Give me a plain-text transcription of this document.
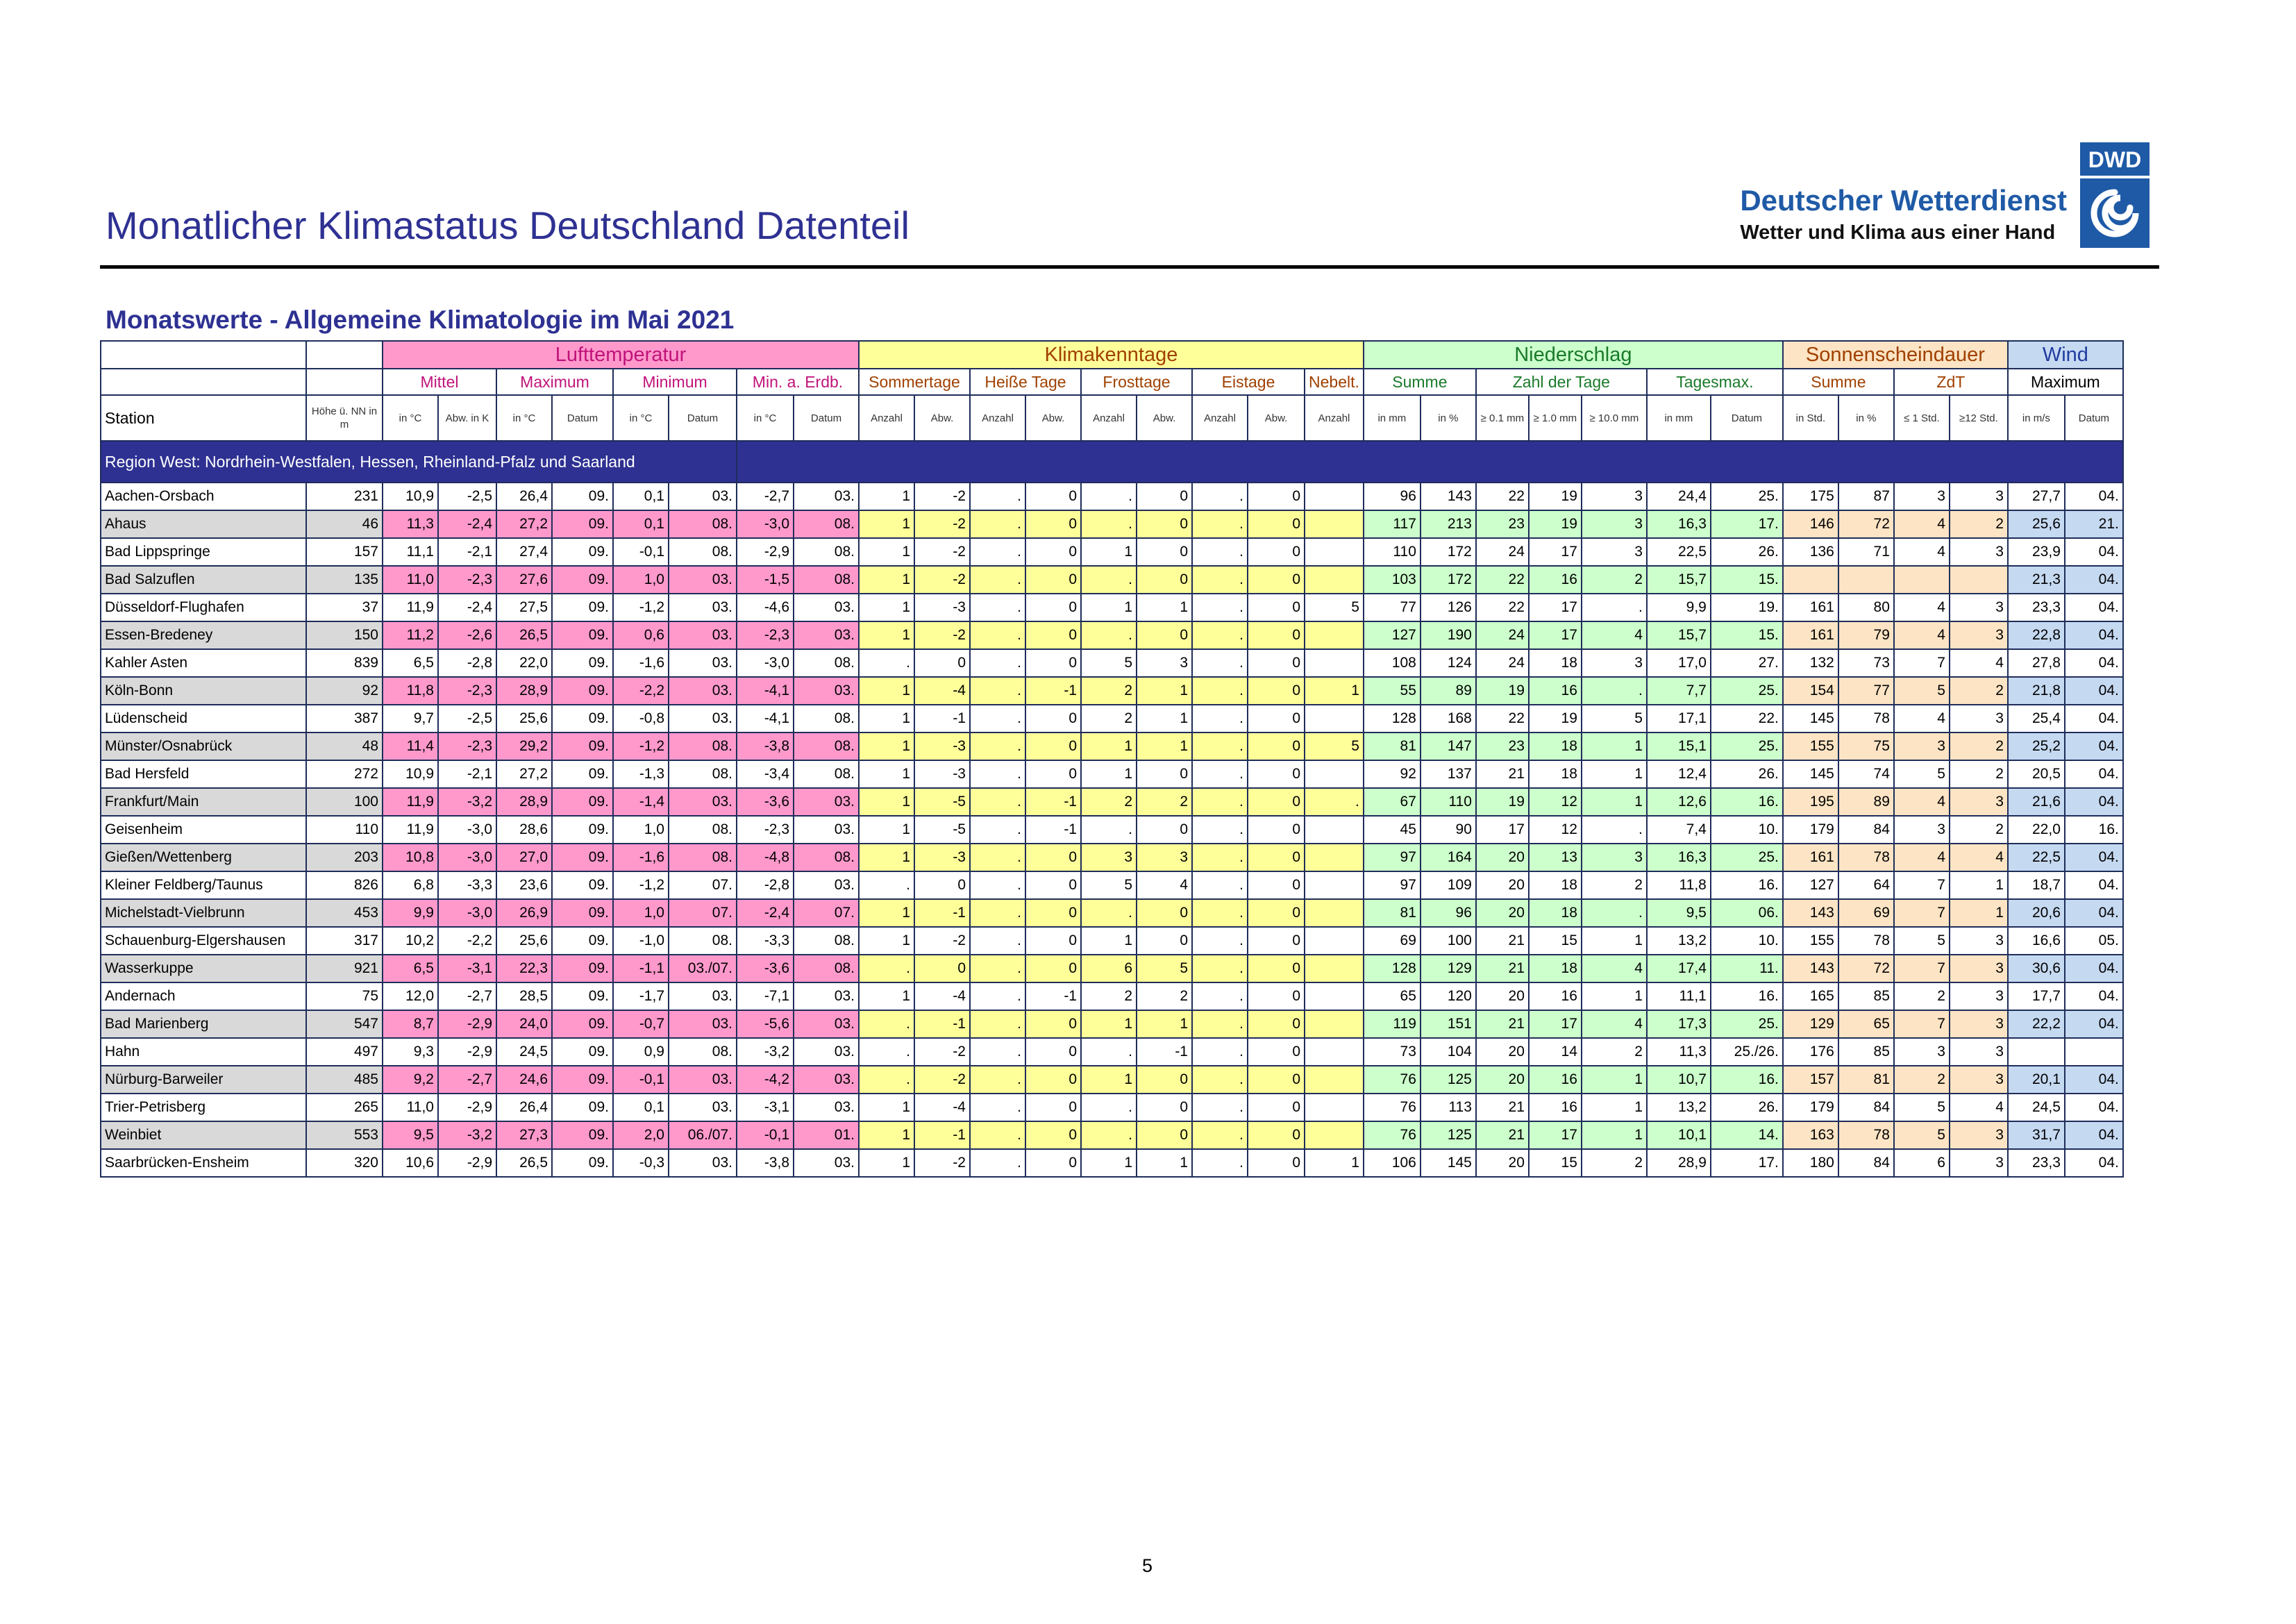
Monatlicher Klimastatus Deutschland Datenteil
Deutscher Wetterdienst
Wetter und Klima aus einer Hand
DWD
Monatswerte - Allgemeine Klimatologie im Mai 2021
		Lufttemperatur								Klimakenntage									Niederschlag							Sonnenscheindauer				Wind	
		Mittel		Maximum		Minimum		Min. a. Erdb.		Sommertage		Heiße Tage		Frosttage		Eistage		Nebelt.	Summe		Zahl der Tage			Tagesmax.		Summe		ZdT		Maximum	
Station	Höhe ü. NN in m	in °C	Abw. in K	in °C	Datum	in °C	Datum	in °C	Datum	Anzahl	Abw.	Anzahl	Abw.	Anzahl	Abw.	Anzahl	Abw.	Anzahl	in mm	in %	≥ 0.1 mm	≥ 1.0 mm	≥ 10.0 mm	in mm	Datum	in Std.	in %	≤ 1 Std.	≥12 Std.	in m/s	Datum
Region West: Nordrhein-Westfalen, Hessen, Rheinland-Pfalz und Saarland																															
Aachen-Orsbach	231	10,9	-2,5	26,4	09.	0,1	03.	-2,7	03.	1	-2	.	0	.	0	.	0		96	143	22	19	3	24,4	25.	175	87	3	3	27,7	04.
Ahaus	46	11,3	-2,4	27,2	09.	0,1	08.	-3,0	08.	1	-2	.	0	.	0	.	0		117	213	23	19	3	16,3	17.	146	72	4	2	25,6	21.
Bad Lippspringe	157	11,1	-2,1	27,4	09.	-0,1	08.	-2,9	08.	1	-2	.	0	1	0	.	0		110	172	24	17	3	22,5	26.	136	71	4	3	23,9	04.
Bad Salzuflen	135	11,0	-2,3	27,6	09.	1,0	03.	-1,5	08.	1	-2	.	0	.	0	.	0		103	172	22	16	2	15,7	15.					21,3	04.
Düsseldorf-Flughafen	37	11,9	-2,4	27,5	09.	-1,2	03.	-4,6	03.	1	-3	.	0	1	1	.	0	5	77	126	22	17	.	9,9	19.	161	80	4	3	23,3	04.
Essen-Bredeney	150	11,2	-2,6	26,5	09.	0,6	03.	-2,3	03.	1	-2	.	0	.	0	.	0		127	190	24	17	4	15,7	15.	161	79	4	3	22,8	04.
Kahler Asten	839	6,5	-2,8	22,0	09.	-1,6	03.	-3,0	08.	.	0	.	0	5	3	.	0		108	124	24	18	3	17,0	27.	132	73	7	4	27,8	04.
Köln-Bonn	92	11,8	-2,3	28,9	09.	-2,2	03.	-4,1	03.	1	-4	.	-1	2	1	.	0	1	55	89	19	16	.	7,7	25.	154	77	5	2	21,8	04.
Lüdenscheid	387	9,7	-2,5	25,6	09.	-0,8	03.	-4,1	08.	1	-1	.	0	2	1	.	0		128	168	22	19	5	17,1	22.	145	78	4	3	25,4	04.
Münster/Osnabrück	48	11,4	-2,3	29,2	09.	-1,2	08.	-3,8	08.	1	-3	.	0	1	1	.	0	5	81	147	23	18	1	15,1	25.	155	75	3	2	25,2	04.
Bad Hersfeld	272	10,9	-2,1	27,2	09.	-1,3	08.	-3,4	08.	1	-3	.	0	1	0	.	0		92	137	21	18	1	12,4	26.	145	74	5	2	20,5	04.
Frankfurt/Main	100	11,9	-3,2	28,9	09.	-1,4	03.	-3,6	03.	1	-5	.	-1	2	2	.	0	.	67	110	19	12	1	12,6	16.	195	89	4	3	21,6	04.
Geisenheim	110	11,9	-3,0	28,6	09.	1,0	08.	-2,3	03.	1	-5	.	-1	.	0	.	0		45	90	17	12	.	7,4	10.	179	84	3	2	22,0	16.
Gießen/Wettenberg	203	10,8	-3,0	27,0	09.	-1,6	08.	-4,8	08.	1	-3	.	0	3	3	.	0		97	164	20	13	3	16,3	25.	161	78	4	4	22,5	04.
Kleiner Feldberg/Taunus	826	6,8	-3,3	23,6	09.	-1,2	07.	-2,8	03.	.	0	.	0	5	4	.	0		97	109	20	18	2	11,8	16.	127	64	7	1	18,7	04.
Michelstadt-Vielbrunn	453	9,9	-3,0	26,9	09.	1,0	07.	-2,4	07.	1	-1	.	0	.	0	.	0		81	96	20	18	.	9,5	06.	143	69	7	1	20,6	04.
Schauenburg-Elgershausen	317	10,2	-2,2	25,6	09.	-1,0	08.	-3,3	08.	1	-2	.	0	1	0	.	0		69	100	21	15	1	13,2	10.	155	78	5	3	16,6	05.
Wasserkuppe	921	6,5	-3,1	22,3	09.	-1,1	03./07.	-3,6	08.	.	0	.	0	6	5	.	0		128	129	21	18	4	17,4	11.	143	72	7	3	30,6	04.
Andernach	75	12,0	-2,7	28,5	09.	-1,7	03.	-7,1	03.	1	-4	.	-1	2	2	.	0		65	120	20	16	1	11,1	16.	165	85	2	3	17,7	04.
Bad Marienberg	547	8,7	-2,9	24,0	09.	-0,7	03.	-5,6	03.	.	-1	.	0	1	1	.	0		119	151	21	17	4	17,3	25.	129	65	7	3	22,2	04.
Hahn	497	9,3	-2,9	24,5	09.	0,9	08.	-3,2	03.	.	-2	.	0	.	-1	.	0		73	104	20	14	2	11,3	25./26.	176	85	3	3		
Nürburg-Barweiler	485	9,2	-2,7	24,6	09.	-0,1	03.	-4,2	03.	.	-2	.	0	1	0	.	0		76	125	20	16	1	10,7	16.	157	81	2	3	20,1	04.
Trier-Petrisberg	265	11,0	-2,9	26,4	09.	0,1	03.	-3,1	03.	1	-4	.	0	.	0	.	0		76	113	21	16	1	13,2	26.	179	84	5	4	24,5	04.
Weinbiet	553	9,5	-3,2	27,3	09.	2,0	06./07.	-0,1	01.	1	-1	.	0	.	0	.	0		76	125	21	17	1	10,1	14.	163	78	5	3	31,7	04.
Saarbrücken-Ensheim	320	10,6	-2,9	26,5	09.	-0,3	03.	-3,8	03.	1	-2	.	0	1	1	.	0	1	106	145	20	15	2	28,9	17.	180	84	6	3	23,3	04.
5
